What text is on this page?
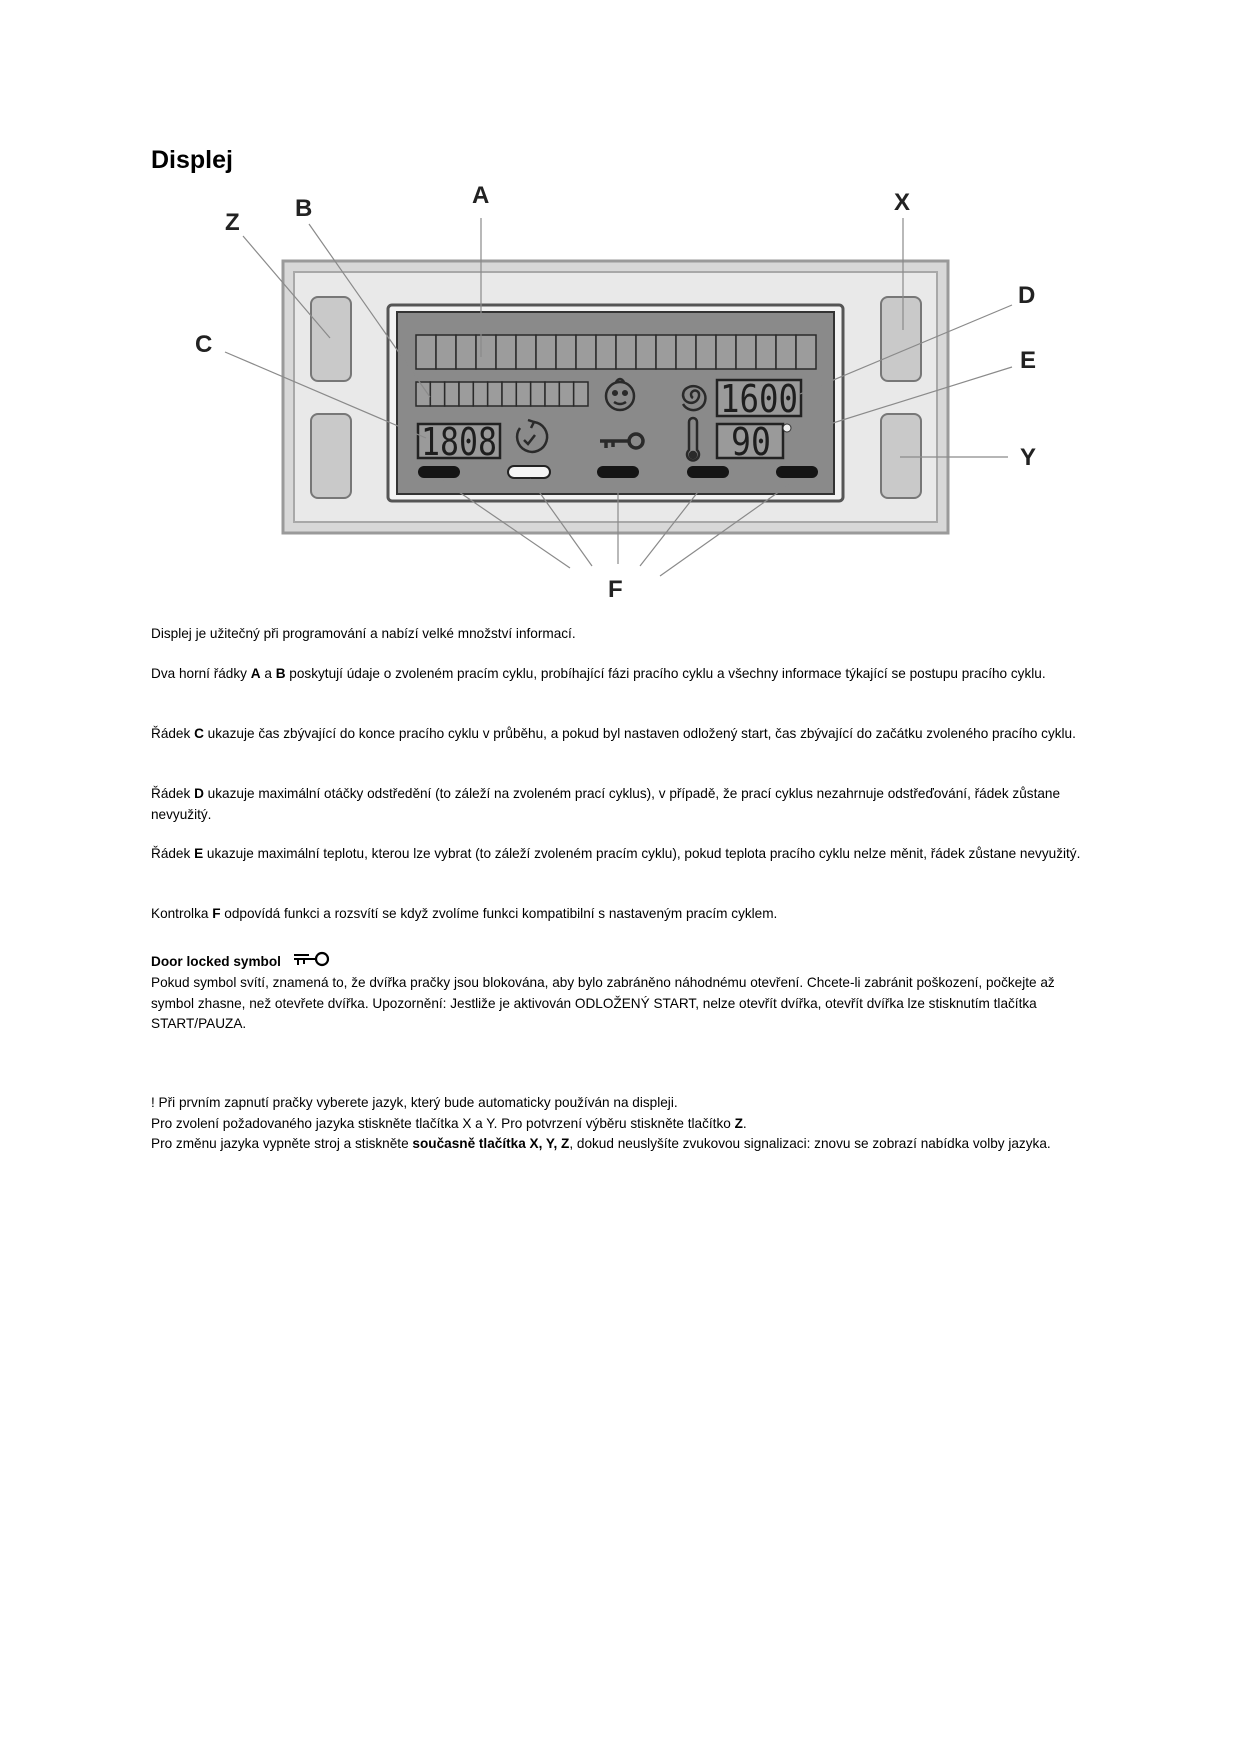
Displej
1600
1808	90
A
B
Z
C
X
D
E
Y
F

Displej je užitečný při programování a nabízí velké množství informací.

Dva horní řádky A a B poskytují údaje o zvoleném pracím cyklu, probíhající fázi pracího cyklu a všechny informace týkající se postupu pracího cyklu.

Řádek C ukazuje čas zbývající do konce pracího cyklu v průběhu, a pokud byl nastaven odložený start, čas zbývající do začátku zvoleného pracího cyklu.

Řádek D ukazuje maximální otáčky odstředění (to záleží na zvoleném prací cyklus), v případě, že prací cyklus nezahrnuje odstřeďování, řádek zůstane nevyužitý.

Řádek E ukazuje maximální teplotu, kterou lze vybrat (to záleží zvoleném pracím cyklu), pokud teplota pracího cyklu nelze měnit, řádek zůstane nevyužitý.

Kontrolka F odpovídá funkci a rozsvítí se když zvolíme funkci kompatibilní s nastaveným pracím cyklem.

Door locked symbol

Pokud symbol svítí, znamená to, že dvířka pračky jsou blokována, aby bylo zabráněno náhodnému otevření. Chcete-li zabránit poškození, počkejte až symbol zhasne, než otevřete dvířka. Upozornění: Jestliže je aktivován ODLOŽENÝ START, nelze otevřít dvířka, otevřít dvířka lze stisknutím tlačítka START/PAUZA.

! Při prvním zapnutí pračky vyberete jazyk, který bude automaticky používán na displeji.

Pro zvolení požadovaného jazyka stiskněte tlačítka X a Y. Pro potvrzení výběru stiskněte tlačítko Z.

Pro změnu jazyka vypněte stroj a stiskněte současně tlačítka X, Y, Z, dokud neuslyšíte zvukovou signalizaci: znovu se zobrazí nabídka volby jazyka.
